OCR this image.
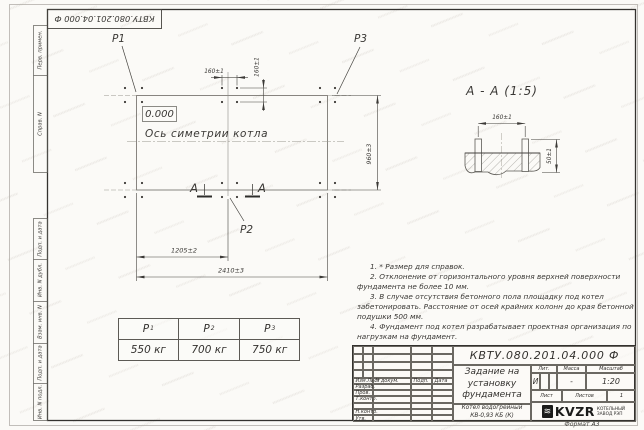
Перв. примен.
Справ. N
Подп. и дата
Инв. N дубл.
Взам. инв. N
Подп. и дата
Инв. N подл.
КВТУ.080.201.04.000 Ф
P1	P3
P2
0.000
Ось симетрии котла
160±1	160±1
960±3
1205±2
2410±3
А	А
А - А (1:5)
160±1
50±1

1. * Размер для справок.

2. Отклонение от горизонтального уровня верхней поверхности фундамента не более 10 мм.

3. В случае отсутствия бетонного пола площадку под котел забетонировать. Расстояние от осей крайних колонн до края бетонной подушки 500 мм.

4. Фундамент под котел разрабатывает проектная организация по нагрузкам на фундамент.

P 1	P 2	P 3
550 кг	700 кг	750 кг
Изм.Лист
N докум.	Подп.	Дата
Разраб.
Пров.
Т.контр.
Н.контр.
Утв.
КВТУ.080.201.04.000 Ф
Задание на
установку
фундамента
Котел водогрейный
КВ-0,93 КБ (К)
Лит.	Масса	Масштаб
И	-	1:20
Лист	Листов	1
≋ KVZR КОТЕЛЬНЫЙ
ЗАВОД РЭП
Формат А3
